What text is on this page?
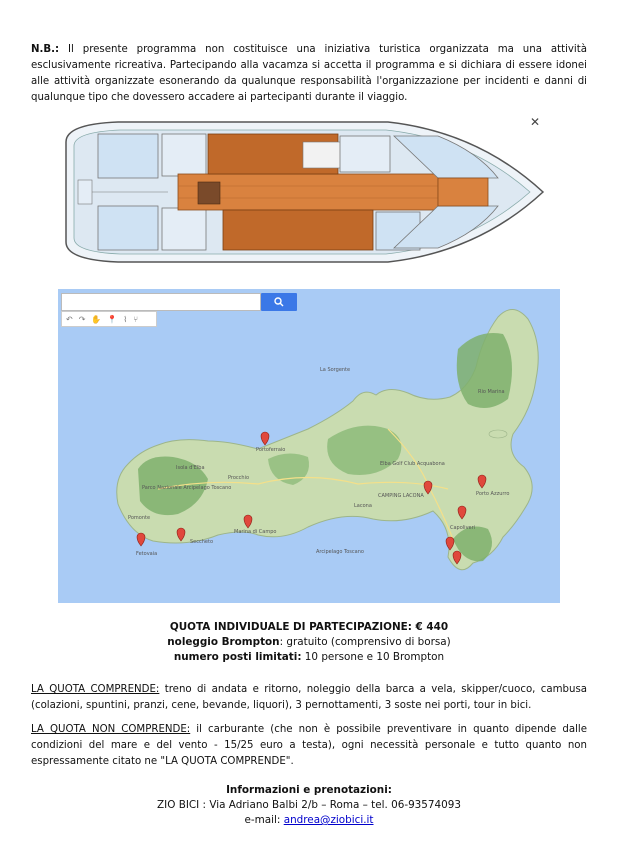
N.B.: Il presente programma non costituisce una iniziativa turistica organizzata ma una attività esclusivamente ricreativa. Partecipando alla vacamza si accetta il programma e si dichiara di essere idonei alle attività organizzate esonerando da qualunque responsabilità l'organizzazione per incidenti e danni di qualunque tipo che dovessero accadere ai partecipanti durante il viaggio.
✕
↶ ↷ ✋ 📍 ⌇ ⑂
La Sorgente
Portoferraio
Isola d'Elba
Parco Nazionale Arcipelago Toscano
Elba Golf Club Acquabona
CAMPING LACONA
Capoliveri
Arcipelago Toscano
Marina di Campo
Procchio
Pomonte
Fetovaia
Rio Marina
Porto Azzurro
Lacona
Seccheto
QUOTA INDIVIDUALE DI PARTECIPAZIONE: € 440
noleggio Brompton: gratuito (comprensivo di borsa)
numero posti limitati: 10 persone e 10 Brompton
LA QUOTA COMPRENDE: treno di andata e ritorno, noleggio della barca a vela, skipper/cuoco, cambusa (colazioni, spuntini, pranzi, cene, bevande, liquori), 3 pernottamenti, 3 soste nei porti, tour in bici.
LA QUOTA NON COMPRENDE: il carburante (che non è possibile preventivare in quanto dipende dalle condizioni del mare e del vento - 15/25 euro a testa), ogni necessità personale e tutto quanto non espressamente citato ne "LA QUOTA COMPRENDE".
Informazioni e prenotazioni:
ZIO BICI : Via Adriano Balbi 2/b – Roma – tel. 06-93574093
e-mail: andrea@ziobici.it
